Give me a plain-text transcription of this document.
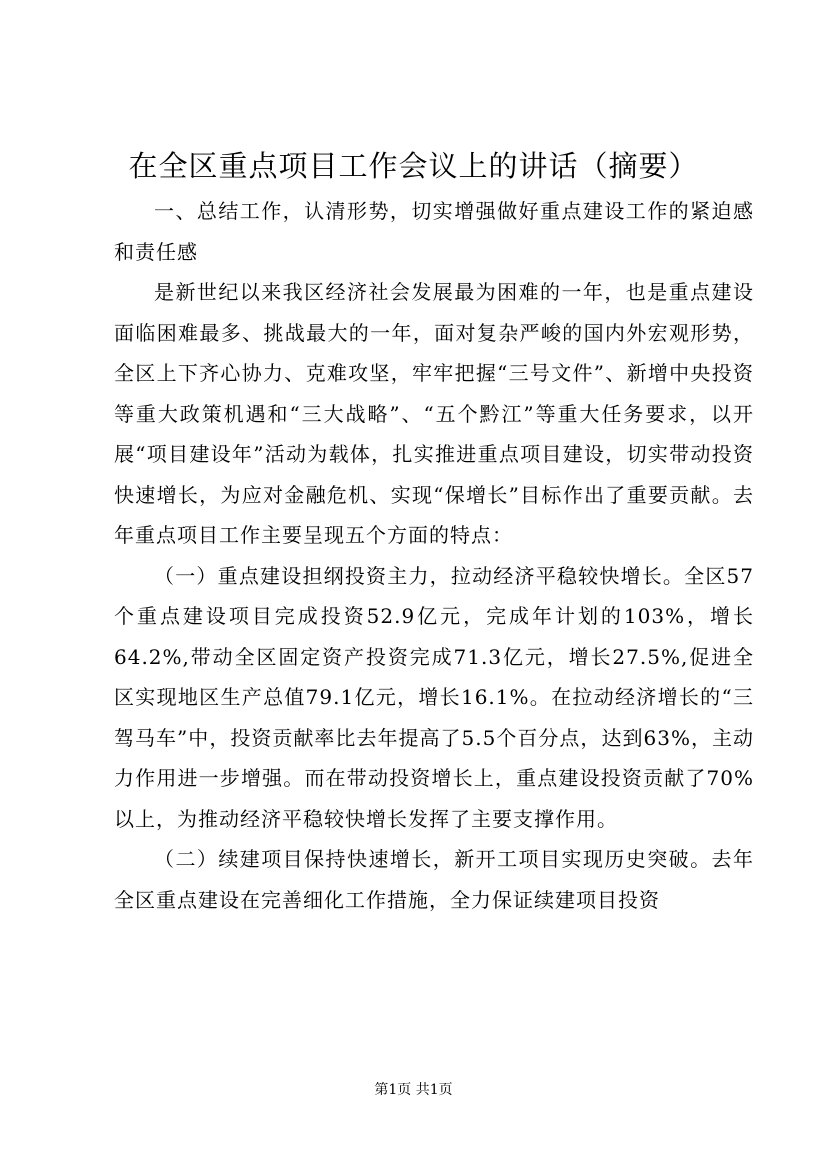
在全区重点项目工作会议上的讲话（摘要）

一、总结工作，认清形势，切实增强做好重点建设工作的紧迫感和责任感

是新世纪以来我区经济社会发展最为困难的一年，也是重点建设面临困难最多、挑战最大的一年，面对复杂严峻的国内外宏观形势，全区上下齐心协力、克难攻坚，牢牢把握“三号文件”、新增中央投资等重大政策机遇和“三大战略”、“五个黔江”等重大任务要求，以开展“项目建设年”活动为载体，扎实推进重点项目建设，切实带动投资快速增长，为应对金融危机、实现“保增长”目标作出了重要贡献。去年重点项目工作主要呈现五个方面的特点：

（一）重点建设担纲投资主力，拉动经济平稳较快增长。全区57个重点建设项目完成投资52.9亿元，完成年计划的103%，增长64.2%,带动全区固定资产投资完成71.3亿元，增长27.5%,促进全区实现地区生产总值79.1亿元，增长16.1%。在拉动经济增长的“三驾马车”中，投资贡献率比去年提高了5.5个百分点，达到63%，主动力作用进一步增强。而在带动投资增长上，重点建设投资贡献了70%以上，为推动经济平稳较快增长发挥了主要支撑作用。

（二）续建项目保持快速增长，新开工项目实现历史突破。去年全区重点建设在完善细化工作措施，全力保证续建项目投资

第1页 共1页
